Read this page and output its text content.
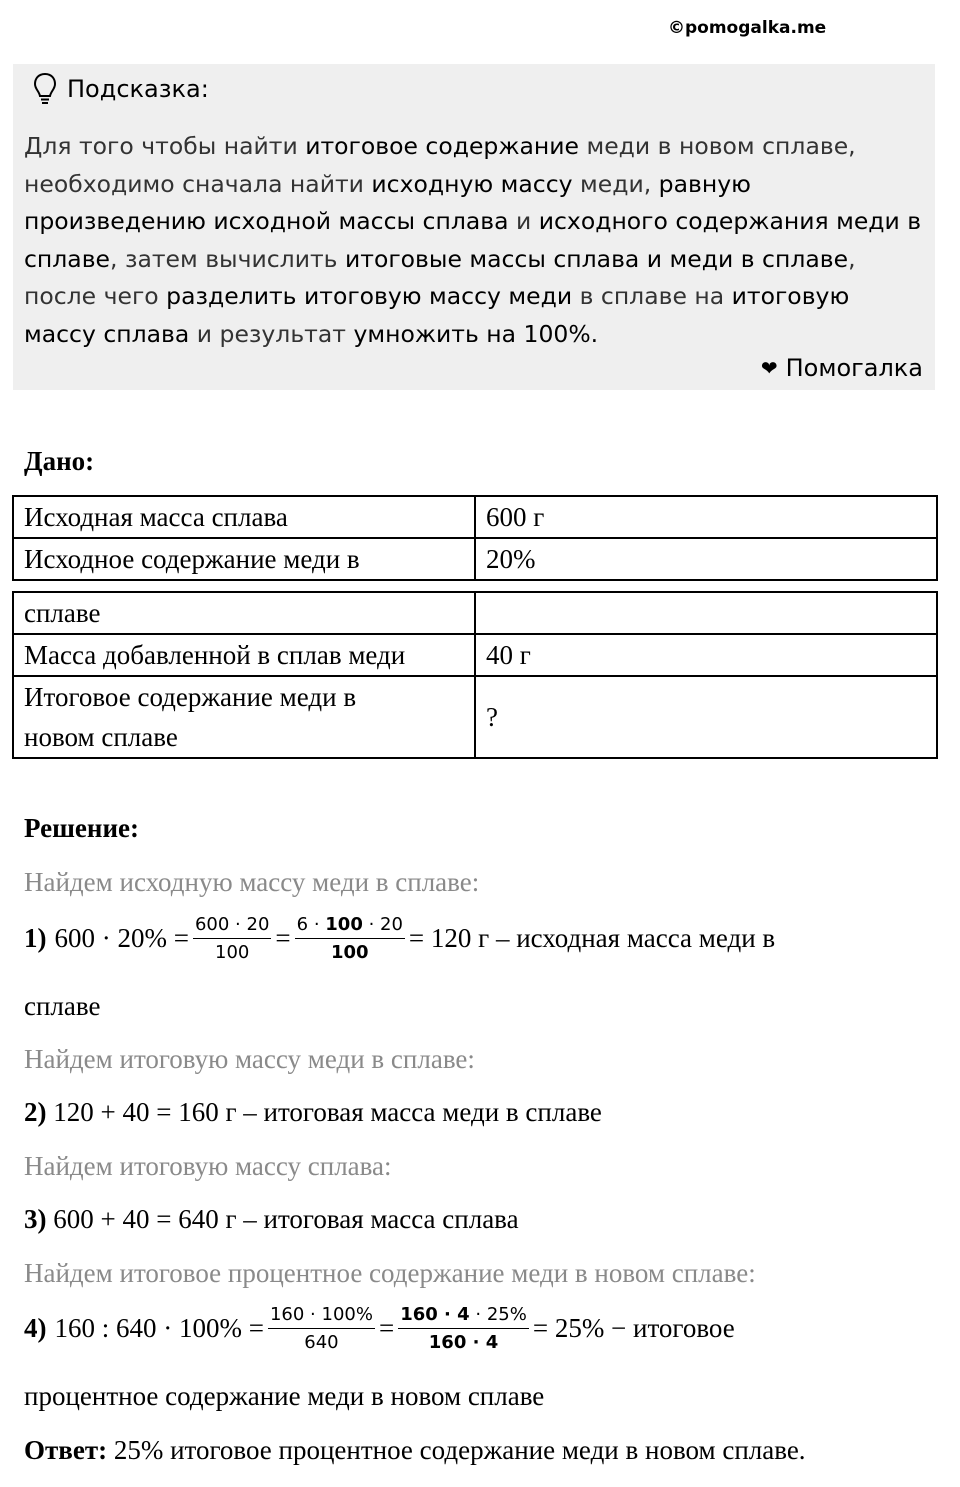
©pomogalka.me
Подсказка:
Для того чтобы найти итоговое содержание меди в новом сплаве, необходимо сначала найти исходную массу меди, равную произведению исходной массы сплава и исходного содержания меди в сплаве, затем вычислить итоговые массы сплава и меди в сплаве, после чего разделить итоговую массу меди в сплаве на итоговую массу сплава и результат умножить на 100%.
❤ Помогалка
Дано:
Исходная масса сплава	600 г
Исходное содержание меди в	20%
сплаве	
Масса добавленной в сплав меди	40 г
Итоговое содержание меди в
новом сплаве	?
Решение:
Найдем исходную массу меди в сплаве:
1) $600 \cdot 20\% = \frac{600 \cdot 20}{100} = \frac{6 \cdot 100 \cdot 20}{100} = 120$ г – исходная масса меди в
сплаве
Найдем итоговую массу меди в сплаве:
2) 120 + 40 = 160 г – итоговая масса меди в сплаве
Найдем итоговую массу сплава:
3) 600 + 40 = 640 г – итоговая масса сплава
Найдем итоговое процентное содержание меди в новом сплаве:
4) 160 : $640 \cdot 100\% = \frac{160 \cdot 100\%}{640} = \frac{160 \cdot 4 \cdot 25\%}{160 \cdot 4} = 25\%$ − итоговое
процентное содержание меди в новом сплаве
Ответ: 25% итоговое процентное содержание меди в новом сплаве.
